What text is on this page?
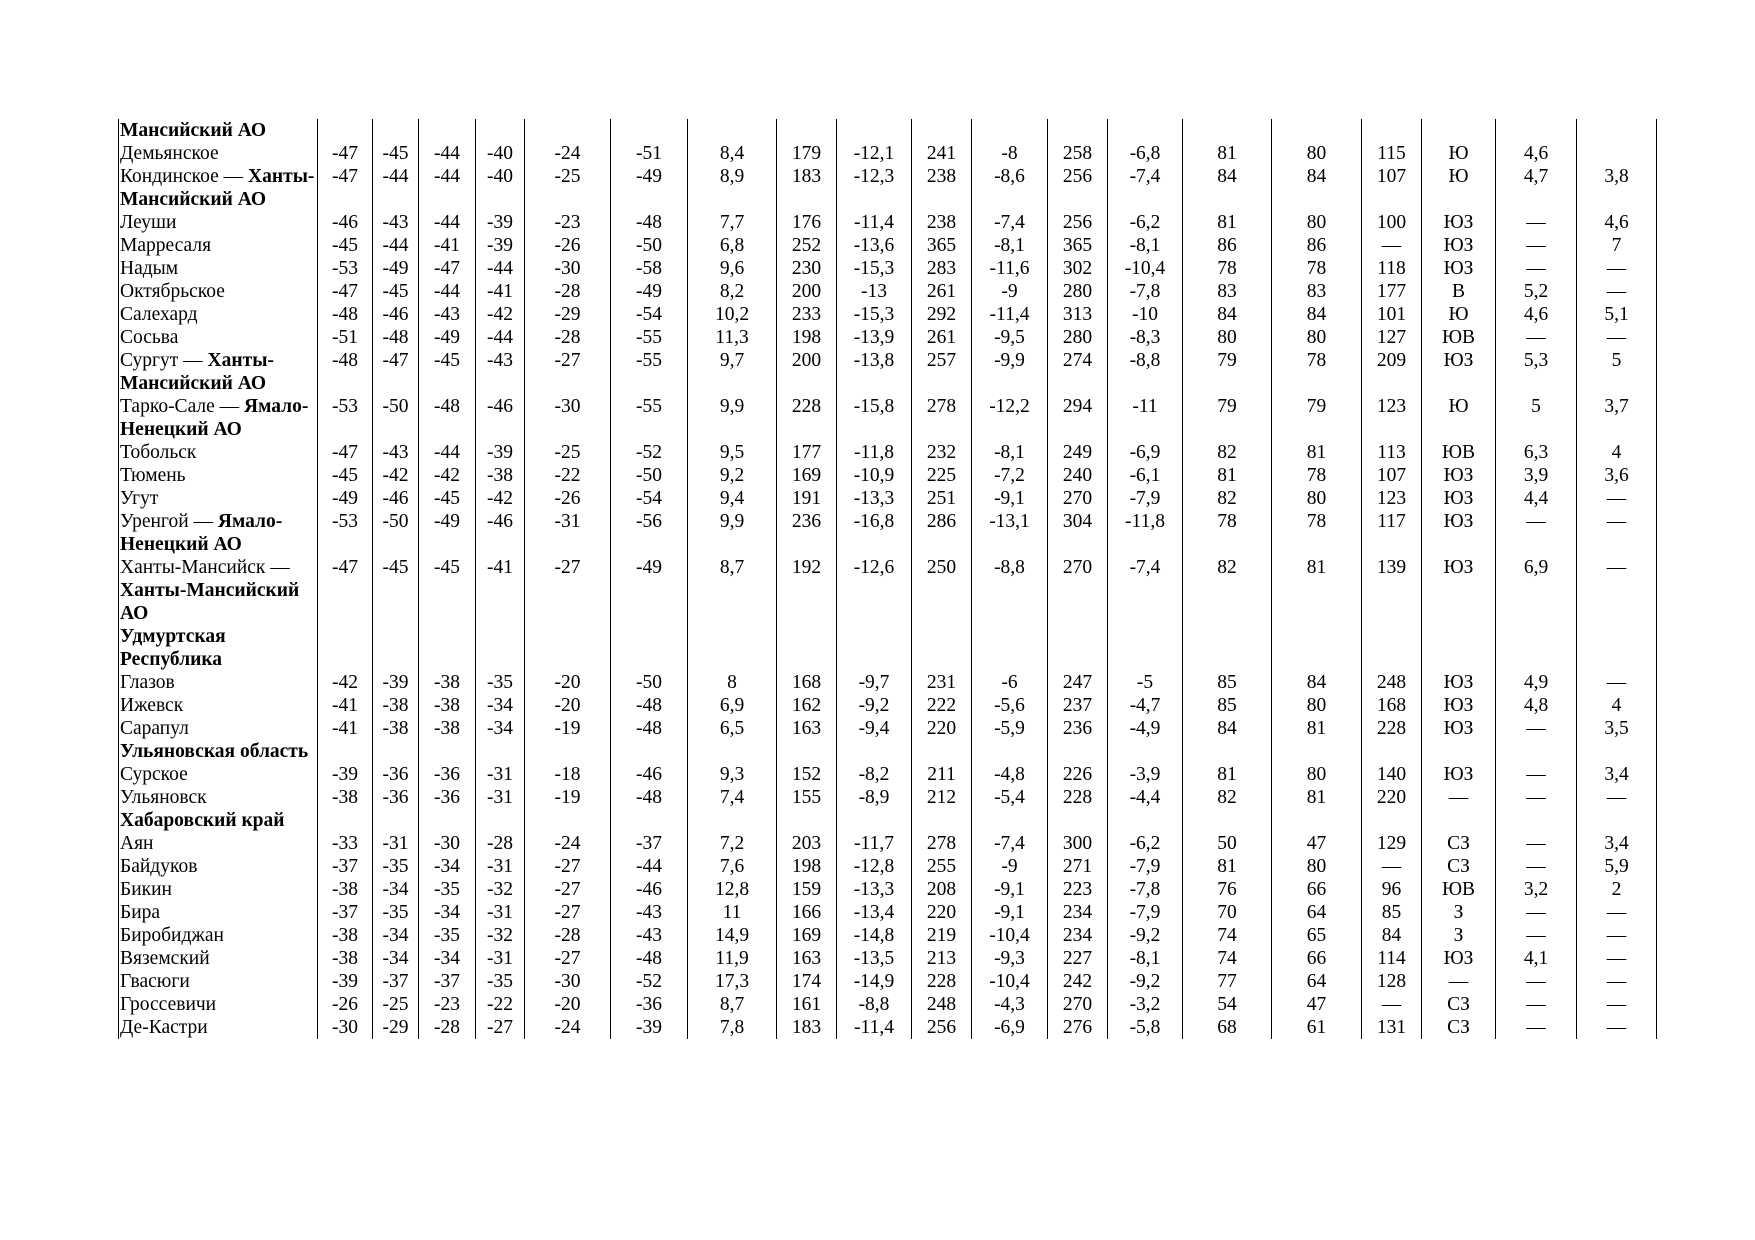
Мансийский АО																			
Демьянское	-47	-45	-44	-40	-24	-51	8,4	179	-12,1	241	-8	258	-6,8	81	80	115	Ю	4,6	
Кондинское — Ханты-Мансийский АО	-47	-44	-44	-40	-25	-49	8,9	183	-12,3	238	-8,6	256	-7,4	84	84	107	Ю	4,7	3,8
Леуши	-46	-43	-44	-39	-23	-48	7,7	176	-11,4	238	-7,4	256	-6,2	81	80	100	ЮЗ	—	4,6
Марресаля	-45	-44	-41	-39	-26	-50	6,8	252	-13,6	365	-8,1	365	-8,1	86	86	—	ЮЗ	—	7
Надым	-53	-49	-47	-44	-30	-58	9,6	230	-15,3	283	-11,6	302	-10,4	78	78	118	ЮЗ	—	—
Октябрьское	-47	-45	-44	-41	-28	-49	8,2	200	-13	261	-9	280	-7,8	83	83	177	В	5,2	—
Салехард	-48	-46	-43	-42	-29	-54	10,2	233	-15,3	292	-11,4	313	-10	84	84	101	Ю	4,6	5,1
Сосьва	-51	-48	-49	-44	-28	-55	11,3	198	-13,9	261	-9,5	280	-8,3	80	80	127	ЮВ	—	—
Сургут — Ханты-Мансийский АО	-48	-47	-45	-43	-27	-55	9,7	200	-13,8	257	-9,9	274	-8,8	79	78	209	ЮЗ	5,3	5
Тарко-Сале — Ямало-Ненецкий АО	-53	-50	-48	-46	-30	-55	9,9	228	-15,8	278	-12,2	294	-11	79	79	123	Ю	5	3,7
Тобольск	-47	-43	-44	-39	-25	-52	9,5	177	-11,8	232	-8,1	249	-6,9	82	81	113	ЮВ	6,3	4
Тюмень	-45	-42	-42	-38	-22	-50	9,2	169	-10,9	225	-7,2	240	-6,1	81	78	107	ЮЗ	3,9	3,6
Угут	-49	-46	-45	-42	-26	-54	9,4	191	-13,3	251	-9,1	270	-7,9	82	80	123	ЮЗ	4,4	—
Уренгой — Ямало-Ненецкий АО	-53	-50	-49	-46	-31	-56	9,9	236	-16,8	286	-13,1	304	-11,8	78	78	117	ЮЗ	—	—
Ханты-Мансийск — Ханты-Мансийский АО	-47	-45	-45	-41	-27	-49	8,7	192	-12,6	250	-8,8	270	-7,4	82	81	139	ЮЗ	6,9	—
Удмуртская Республика																			
Глазов	-42	-39	-38	-35	-20	-50	8	168	-9,7	231	-6	247	-5	85	84	248	ЮЗ	4,9	—
Ижевск	-41	-38	-38	-34	-20	-48	6,9	162	-9,2	222	-5,6	237	-4,7	85	80	168	ЮЗ	4,8	4
Сарапул	-41	-38	-38	-34	-19	-48	6,5	163	-9,4	220	-5,9	236	-4,9	84	81	228	ЮЗ	—	3,5
Ульяновская область																			
Сурское	-39	-36	-36	-31	-18	-46	9,3	152	-8,2	211	-4,8	226	-3,9	81	80	140	ЮЗ	—	3,4
Ульяновск	-38	-36	-36	-31	-19	-48	7,4	155	-8,9	212	-5,4	228	-4,4	82	81	220	—	—	—
Хабаровский край																			
Аян	-33	-31	-30	-28	-24	-37	7,2	203	-11,7	278	-7,4	300	-6,2	50	47	129	СЗ	—	3,4
Байдуков	-37	-35	-34	-31	-27	-44	7,6	198	-12,8	255	-9	271	-7,9	81	80	—	СЗ	—	5,9
Бикин	-38	-34	-35	-32	-27	-46	12,8	159	-13,3	208	-9,1	223	-7,8	76	66	96	ЮВ	3,2	2
Бира	-37	-35	-34	-31	-27	-43	11	166	-13,4	220	-9,1	234	-7,9	70	64	85	З	—	—
Биробиджан	-38	-34	-35	-32	-28	-43	14,9	169	-14,8	219	-10,4	234	-9,2	74	65	84	З	—	—
Вяземский	-38	-34	-34	-31	-27	-48	11,9	163	-13,5	213	-9,3	227	-8,1	74	66	114	ЮЗ	4,1	—
Гвасюги	-39	-37	-37	-35	-30	-52	17,3	174	-14,9	228	-10,4	242	-9,2	77	64	128	—	—	—
Гроссевичи	-26	-25	-23	-22	-20	-36	8,7	161	-8,8	248	-4,3	270	-3,2	54	47	—	СЗ	—	—
Де-Кастри	-30	-29	-28	-27	-24	-39	7,8	183	-11,4	256	-6,9	276	-5,8	68	61	131	СЗ	—	—
